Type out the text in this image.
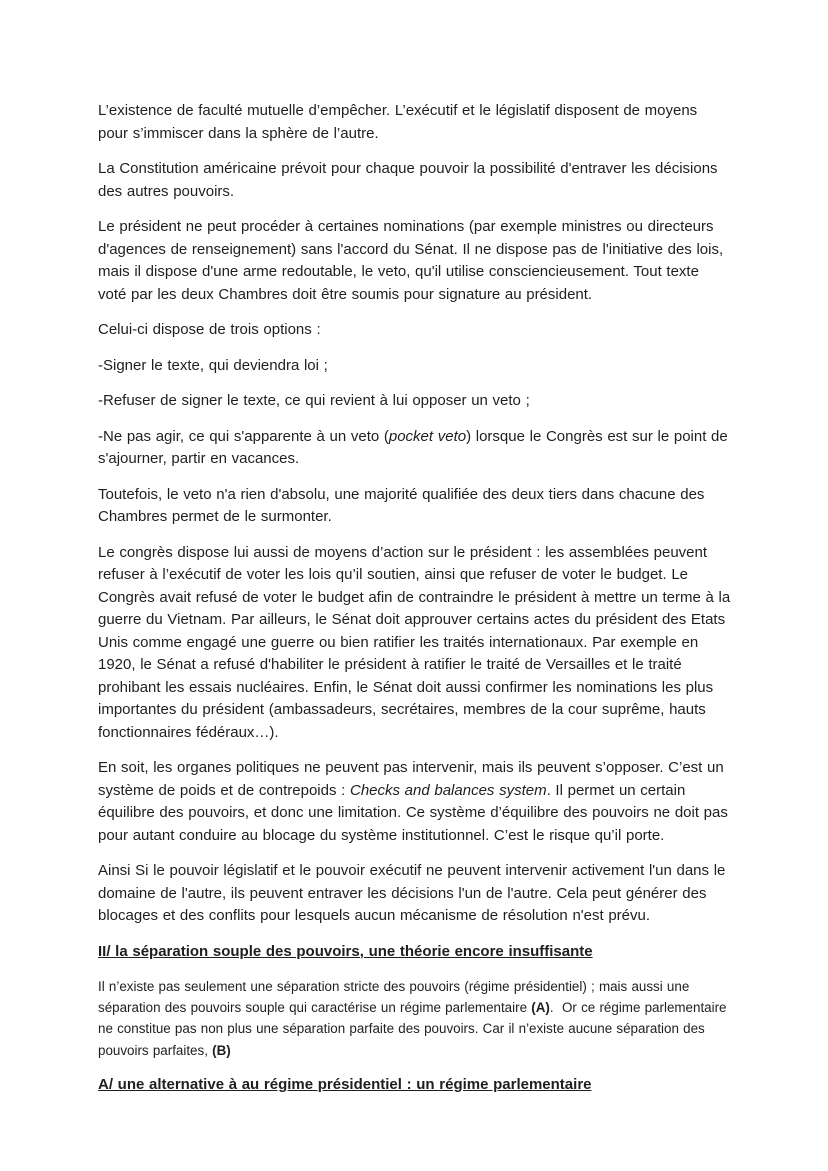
L’existence de faculté mutuelle d’empêcher. L’exécutif et le législatif disposent de moyens pour s’immiscer dans la sphère de l’autre.

La Constitution américaine prévoit pour chaque pouvoir la possibilité d'entraver les décisions des autres pouvoirs.

Le président ne peut procéder à certaines nominations (par exemple ministres ou directeurs d'agences de renseignement) sans l'accord du Sénat. Il ne dispose pas de l'initiative des lois, mais il dispose d'une arme redoutable, le veto, qu'il utilise consciencieusement. Tout texte voté par les deux Chambres doit être soumis pour signature au président.

Celui-ci dispose de trois options :

-Signer le texte, qui deviendra loi ;

-Refuser de signer le texte, ce qui revient à lui opposer un veto ;

-Ne pas agir, ce qui s'apparente à un veto (pocket veto) lorsque le Congrès est sur le point de s'ajourner, partir en vacances.

Toutefois, le veto n'a rien d'absolu, une majorité qualifiée des deux tiers dans chacune des Chambres permet de le surmonter.

Le congrès dispose lui aussi de moyens d’action sur le président : les assemblées peuvent refuser à l’exécutif de voter les lois qu’il soutien, ainsi que refuser de voter le budget. Le Congrès avait refusé de voter le budget afin de contraindre le président à mettre un terme à la guerre du Vietnam. Par ailleurs, le Sénat doit approuver certains actes du président des Etats Unis comme engagé une guerre ou bien ratifier les traités internationaux. Par exemple en 1920, le Sénat a refusé d'habiliter le président à ratifier le traité de Versailles et le traité prohibant les essais nucléaires. Enfin, le Sénat doit aussi confirmer les nominations les plus importantes du président (ambassadeurs, secrétaires, membres de la cour suprême, hauts fonctionnaires fédéraux…).

En soit, les organes politiques ne peuvent pas intervenir, mais ils peuvent s’opposer. C’est un système de poids et de contrepoids : Checks and balances system. Il permet un certain équilibre des pouvoirs, et donc une limitation. Ce système d’équilibre des pouvoirs ne doit pas pour autant conduire au blocage du système institutionnel. C’est le risque qu’il porte.

Ainsi Si le pouvoir législatif et le pouvoir exécutif ne peuvent intervenir activement l'un dans le domaine de l'autre, ils peuvent entraver les décisions l'un de l'autre. Cela peut générer des blocages et des conflits pour lesquels aucun mécanisme de résolution n'est prévu.

II/ la séparation souple des pouvoirs, une théorie encore insuffisante

Il n’existe pas seulement une séparation stricte des pouvoirs (régime présidentiel) ; mais aussi une séparation des pouvoirs souple qui caractérise un régime parlementaire (A).  Or ce régime parlementaire ne constitue pas non plus une séparation parfaite des pouvoirs. Car il n’existe aucune séparation des pouvoirs parfaites, (B)

A/ une alternative à au régime présidentiel : un régime parlementaire
